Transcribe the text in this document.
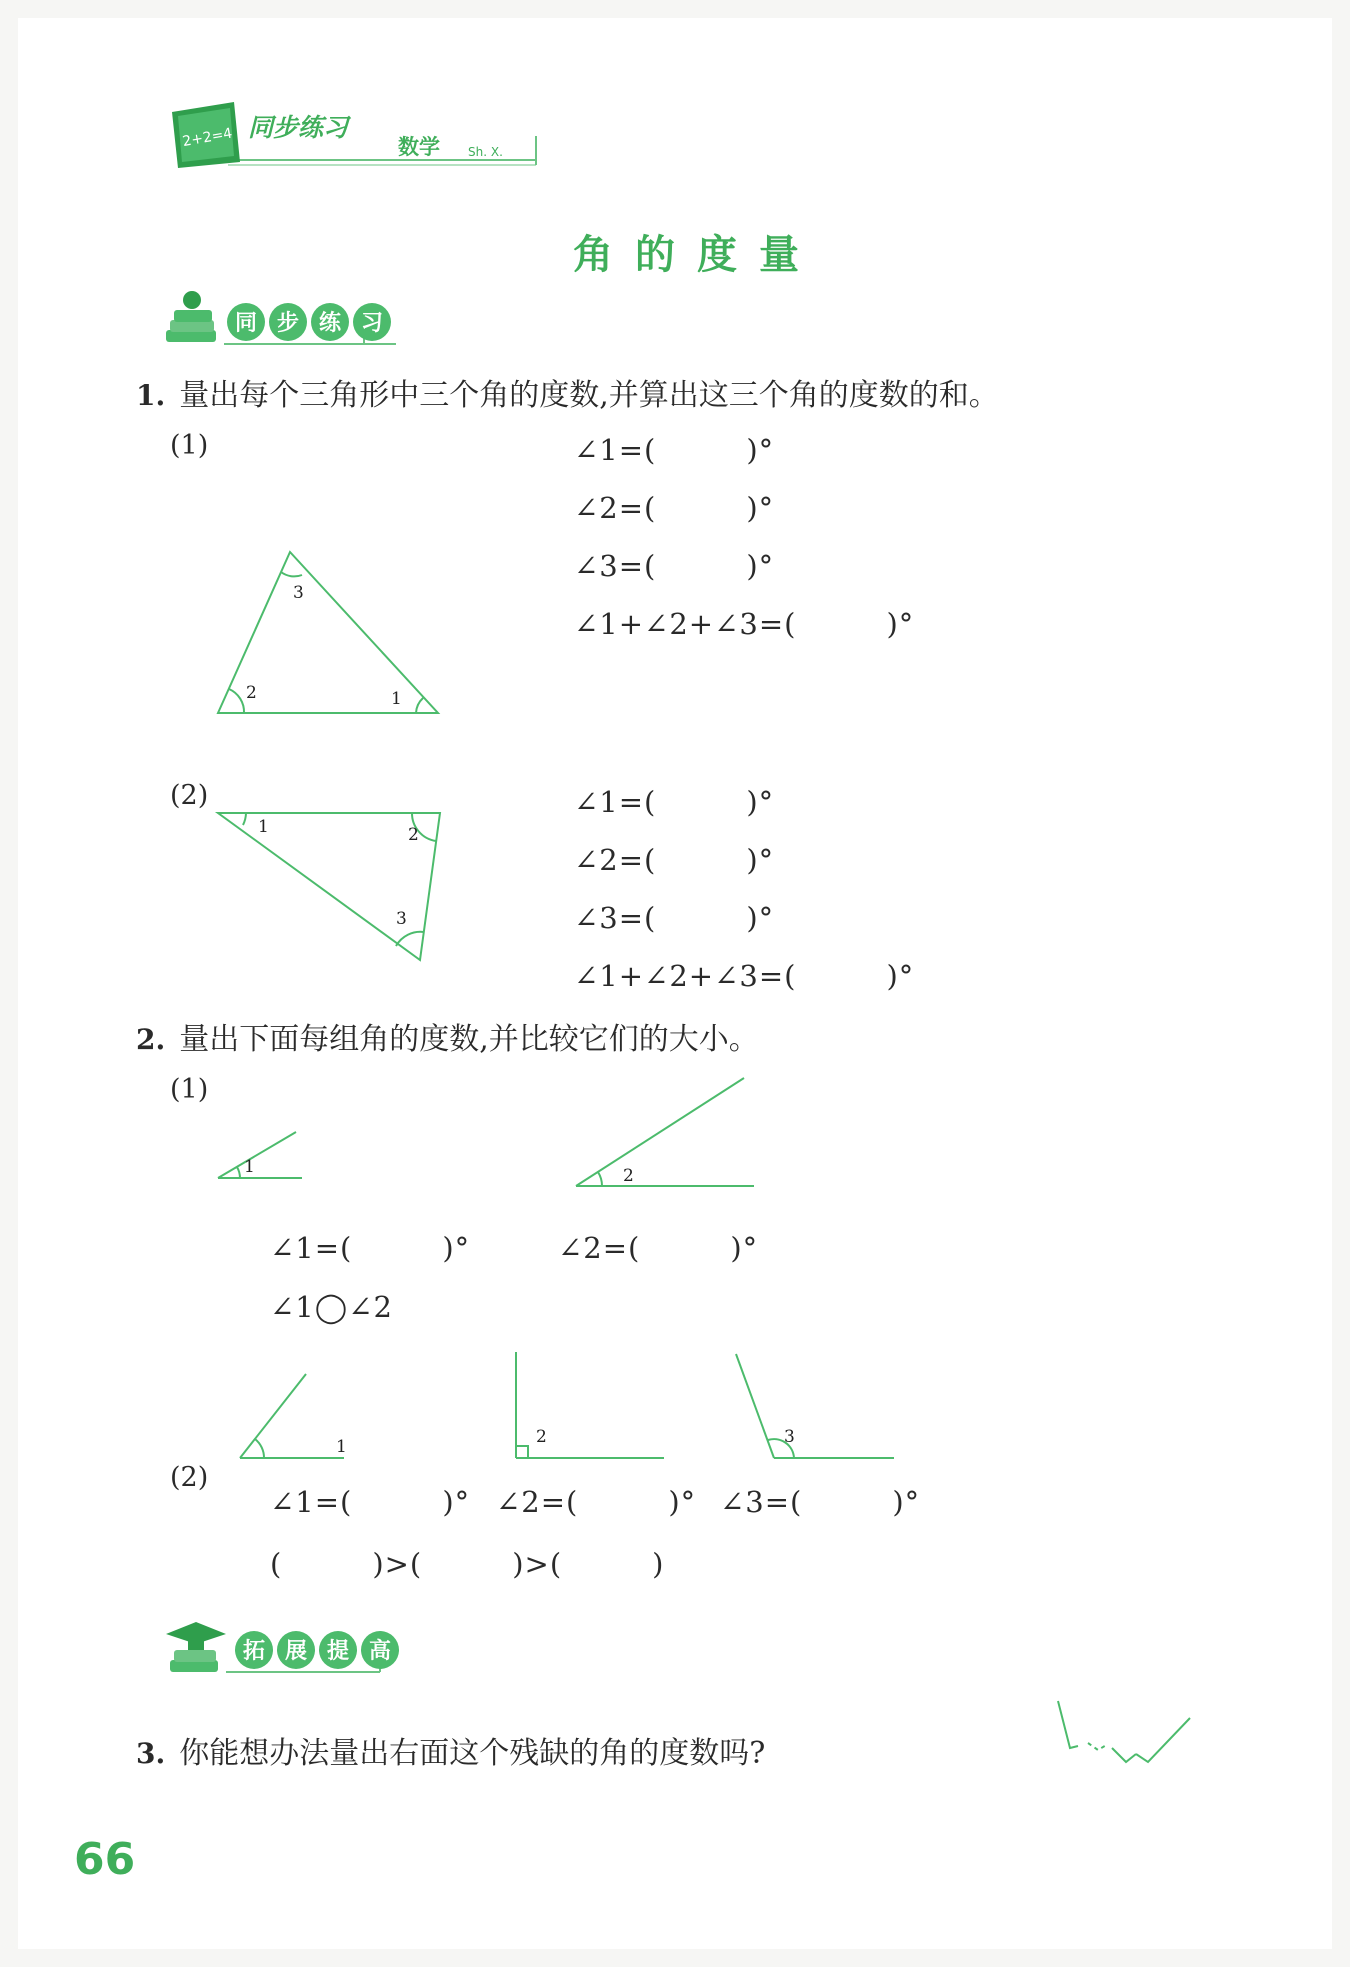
2+2=4 同步练习
数学 Sh. X.
角的度量
同 步 练 习
1. 量出每个三角形中三个角的度数,并算出这三个角的度数的和。
(1)
3
2	1
1	2
3
1	2
1	2	3
∠1=(　　　)°
∠2=(　　　)°
∠3=(　　　)°
∠1+∠2+∠3=(　　　)°
(2)	∠1=(　　　)°
∠2=(　　　)°
∠3=(　　　)°
∠1+∠2+∠3=(　　　)°
2. 量出下面每组角的度数,并比较它们的大小。
(1)
∠1=(　　　)°	∠2=(　　　)°
∠1◯∠2
(2)
∠1=(　　　)° ∠2=(　　　)° ∠3=(　　　)°
(　　　)>(　　　)>(　　　)
拓 展 提 高
3. 你能想办法量出右面这个残缺的角的度数吗?
66
